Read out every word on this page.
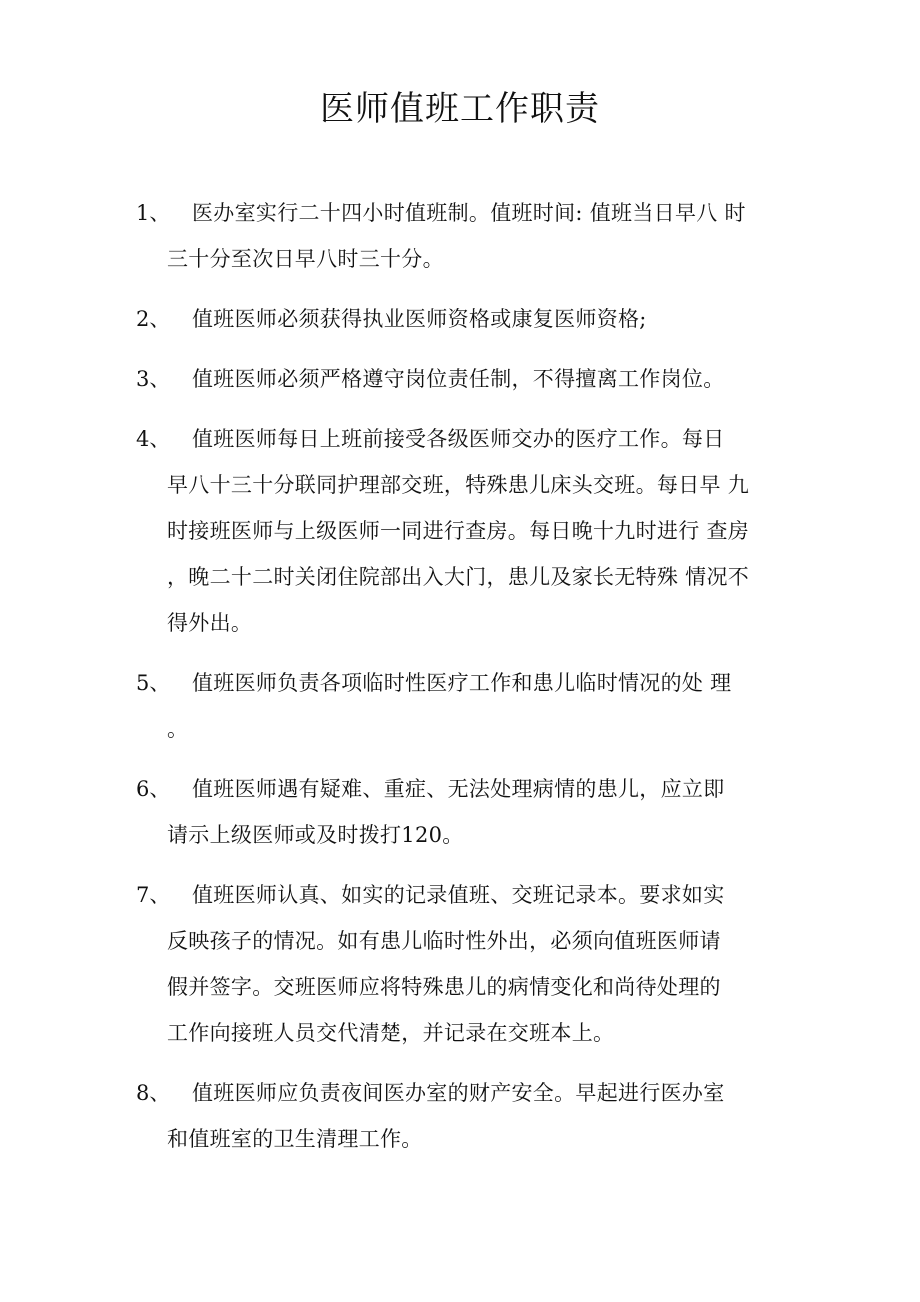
医师值班工作职责
1、	医办室实行二十四小时值班制。值班时间: 值班当日早八 时
三十分至次日早八时三十分。
2、	值班医师必须获得执业医师资格或康复医师资格;
3、	值班医师必须严格遵守岗位责任制，不得擅离工作岗位。
4、	值班医师每日上班前接受各级医师交办的医疗工作。每日
早八十三十分联同护理部交班，特殊患儿床头交班。每日早 九
时接班医师与上级医师一同进行查房。每日晚十九时进行 查房
，晚二十二时关闭住院部出入大门，患儿及家长无特殊 情况不
得外出。
5、	值班医师负责各项临时性医疗工作和患儿临时情况的处 理
。
6、	值班医师遇有疑难、重症、无法处理病情的患儿，应立即
请示上级医师或及时拨打120。
7、	值班医师认真、如实的记录值班、交班记录本。要求如实
反映孩子的情况。如有患儿临时性外出，必须向值班医师请
假并签字。交班医师应将特殊患儿的病情变化和尚待处理的
工作向接班人员交代清楚，并记录在交班本上。
8、	值班医师应负责夜间医办室的财产安全。早起进行医办室
和值班室的卫生清理工作。
